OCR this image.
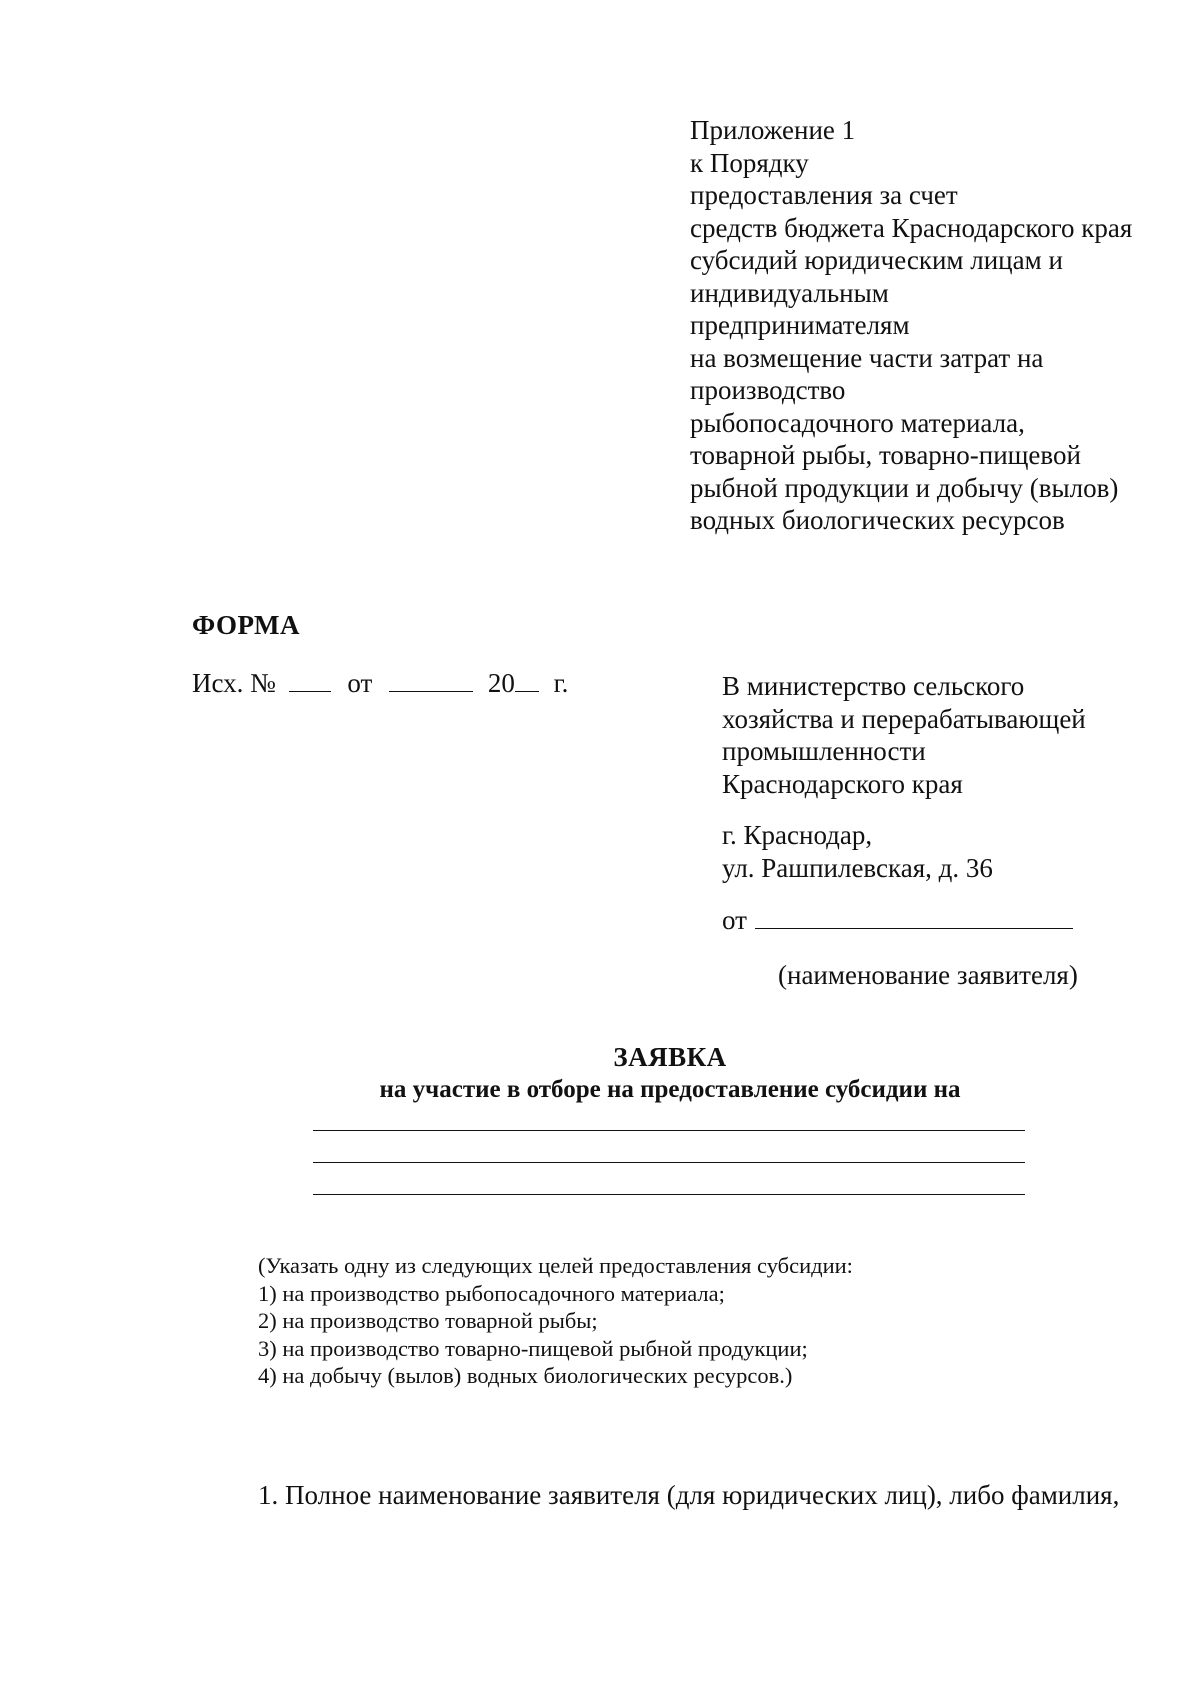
Приложение 1
к Порядку
предоставления за счет
средств бюджета Краснодарского края
субсидий юридическим лицам и
индивидуальным
предпринимателям
на возмещение части затрат на
производство
рыбопосадочного материала,
товарной рыбы, товарно-пищевой
рыбной продукции и добычу (вылов)
водных биологических ресурсов
ФОРМА
Исх. №	от	20 г.	В министерство сельского
хозяйства и перерабатывающей
промышленности
Краснодарского края
г. Краснодар,
ул. Рашпилевская, д. 36
от
(наименование заявителя)
ЗАЯВКА
на участие в отборе на предоставление субсидии на
(Указать одну из следующих целей предоставления субсидии:
1) на производство рыбопосадочного материала;
2) на производство товарной рыбы;
3) на производство товарно-пищевой рыбной продукции;
4) на добычу (вылов) водных биологических ресурсов.)
1. Полное наименование заявителя (для юридических лиц), либо фамилия,
